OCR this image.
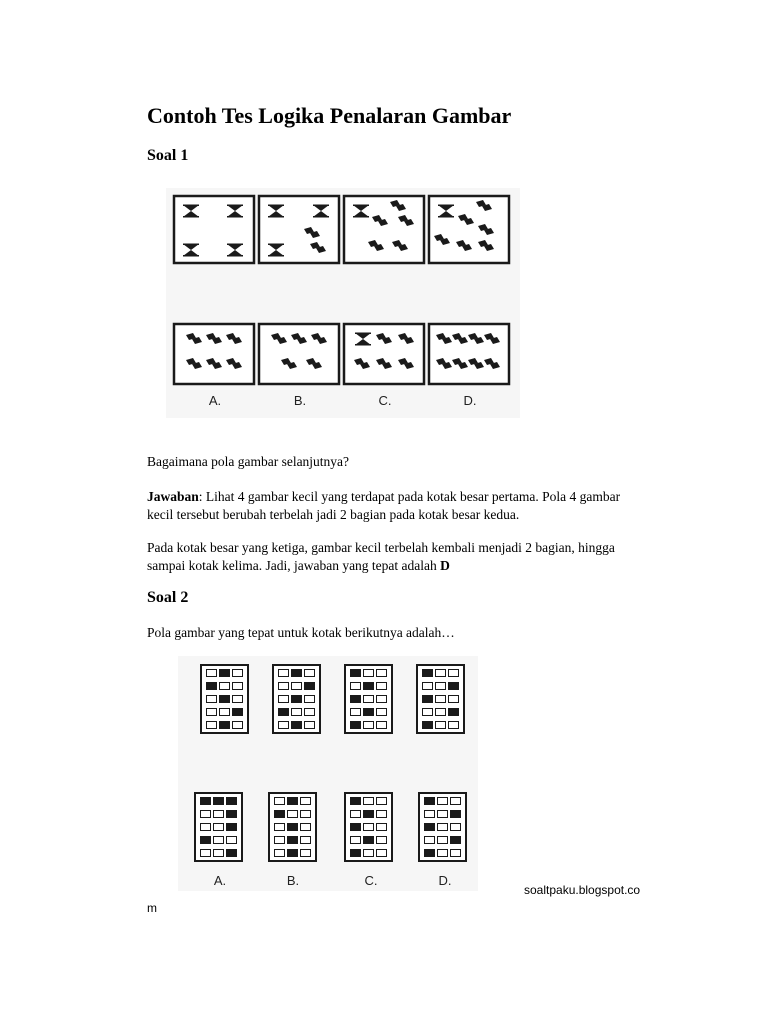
Contoh Tes Logika Penalaran Gambar
Soal 1
A.	B.	C.	D.

Bagaimana pola gambar selanjutnya?

Jawaban: Lihat 4 gambar kecil yang terdapat pada kotak besar pertama. Pola 4 gambar kecil tersebut berubah terbelah jadi 2 bagian pada kotak besar kedua.

Pada kotak besar yang ketiga, gambar kecil terbelah kembali menjadi 2 bagian, hingga sampai kotak kelima. Jadi, jawaban yang tepat adalah D

Soal 2

Pola gambar yang tepat untuk kotak berikutnya adalah…

A.	B.	C.	D.
soaltpaku.blogspot.co
m
